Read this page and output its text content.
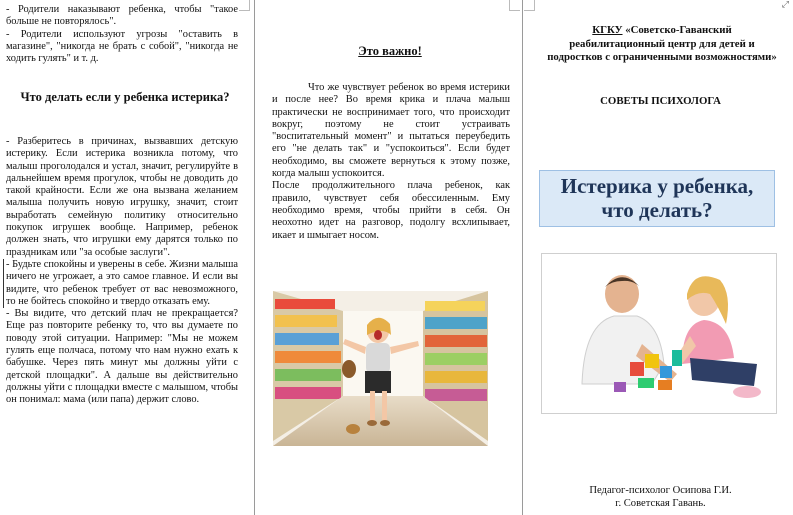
⤢

- Родители наказывают ребенка, чтобы "такое больше не повторялось".

- Родители используют угрозы "оставить в магазине", "никогда не брать с собой", "никогда не ходить гулять" и т. д.

Что делать если у ребенка истерика?

- Разберитесь в причинах, вызвавших детскую истерику. Если истерика возникла потому, что малыш проголодался и устал, значит, регулируйте в дальнейшем время прогулок, чтобы не доводить до такой крайности. Если же она вызвана желанием малыша получить новую игрушку, значит, стоит выработать семейную политику относительно покупок игрушек вообще. Например, ребенок должен знать, что игрушки ему дарятся только по праздникам или "за особые заслуги".

- Будьте спокойны и уверены в себе. Жизни малыша ничего не угрожает, а это самое главное. И если вы видите, что ребенок требует от вас невозможного, то не бойтесь спокойно и твердо отказать ему.

- Вы видите, что детский плач не прекращается? Еще раз повторите ребенку то, что вы думаете по поводу этой ситуации. Например: "Мы не можем гулять еще полчаса, потому что нам нужно ехать к бабушке. Через пять минут мы должны уйти с детской площадки". А дальше вы действительно должны уйти с площадки вместе с малышом, чтобы он понимал: мама (или папа) держит слово.

Это важно!

Что же чувствует ребенок во время истерики и после нее? Во время крика и плача малыш практически не воспринимает того, что происходит вокруг, поэтому не стоит устраивать "воспитательный момент" и пытаться переубедить его "не делать так" и "успокоиться". Если будет необходимо, вы сможете вернуться к этому позже, когда малыш успокоится.

После продолжительного плача ребенок, как правило, чувствует себя обессиленным. Ему необходимо время, чтобы прийти в себя. Он неохотно идет на разговор, подолгу всхлипывает, икает и шмыгает носом.

КГКУ «Советско-Гаванский реабилитационный центр для детей и подростков с ограниченными возможностями»
СОВЕТЫ ПСИХОЛОГА

Педагог-психолог Осипова Г.И.

г. Советская Гавань.

Истерика у ребенка,

что делать?
